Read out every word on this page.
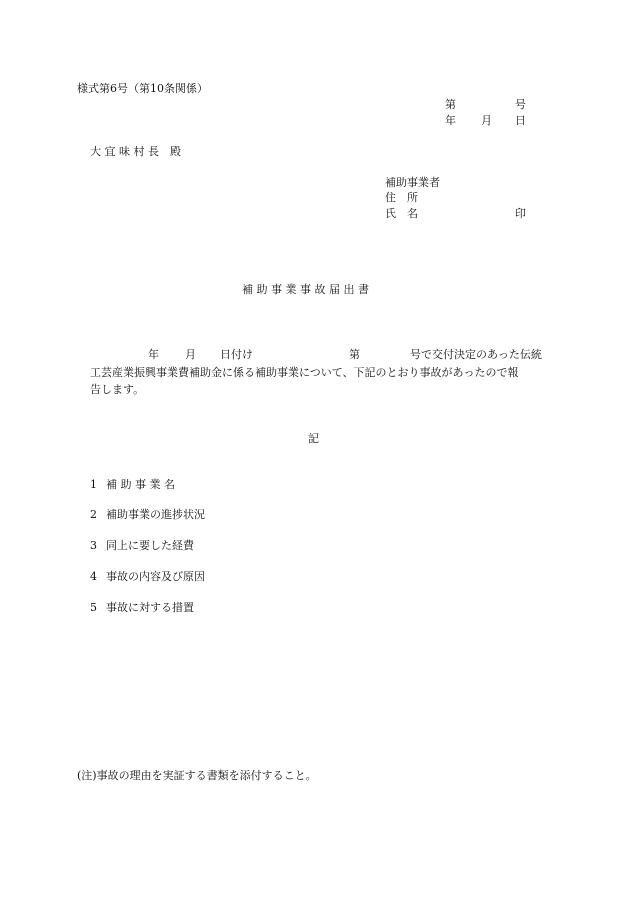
様式第6号（第10条関係）
第	号
年 月 日
大 宜 味 村 長　殿
補助事業者
住　所
氏　名	印
補 助 事 業 事 故 届 出 書
年 月 日付け	第	号で交付決定のあった伝統
工芸産業振興事業費補助金に係る補助事業について、下記のとおり事故があったので報
告します。
記
1 補 助 事 業 名
2 補助事業の進捗状況
3 同上に要した経費
4 事故の内容及び原因
5 事故に対する措置
(注)事故の理由を実証する書類を添付すること。
